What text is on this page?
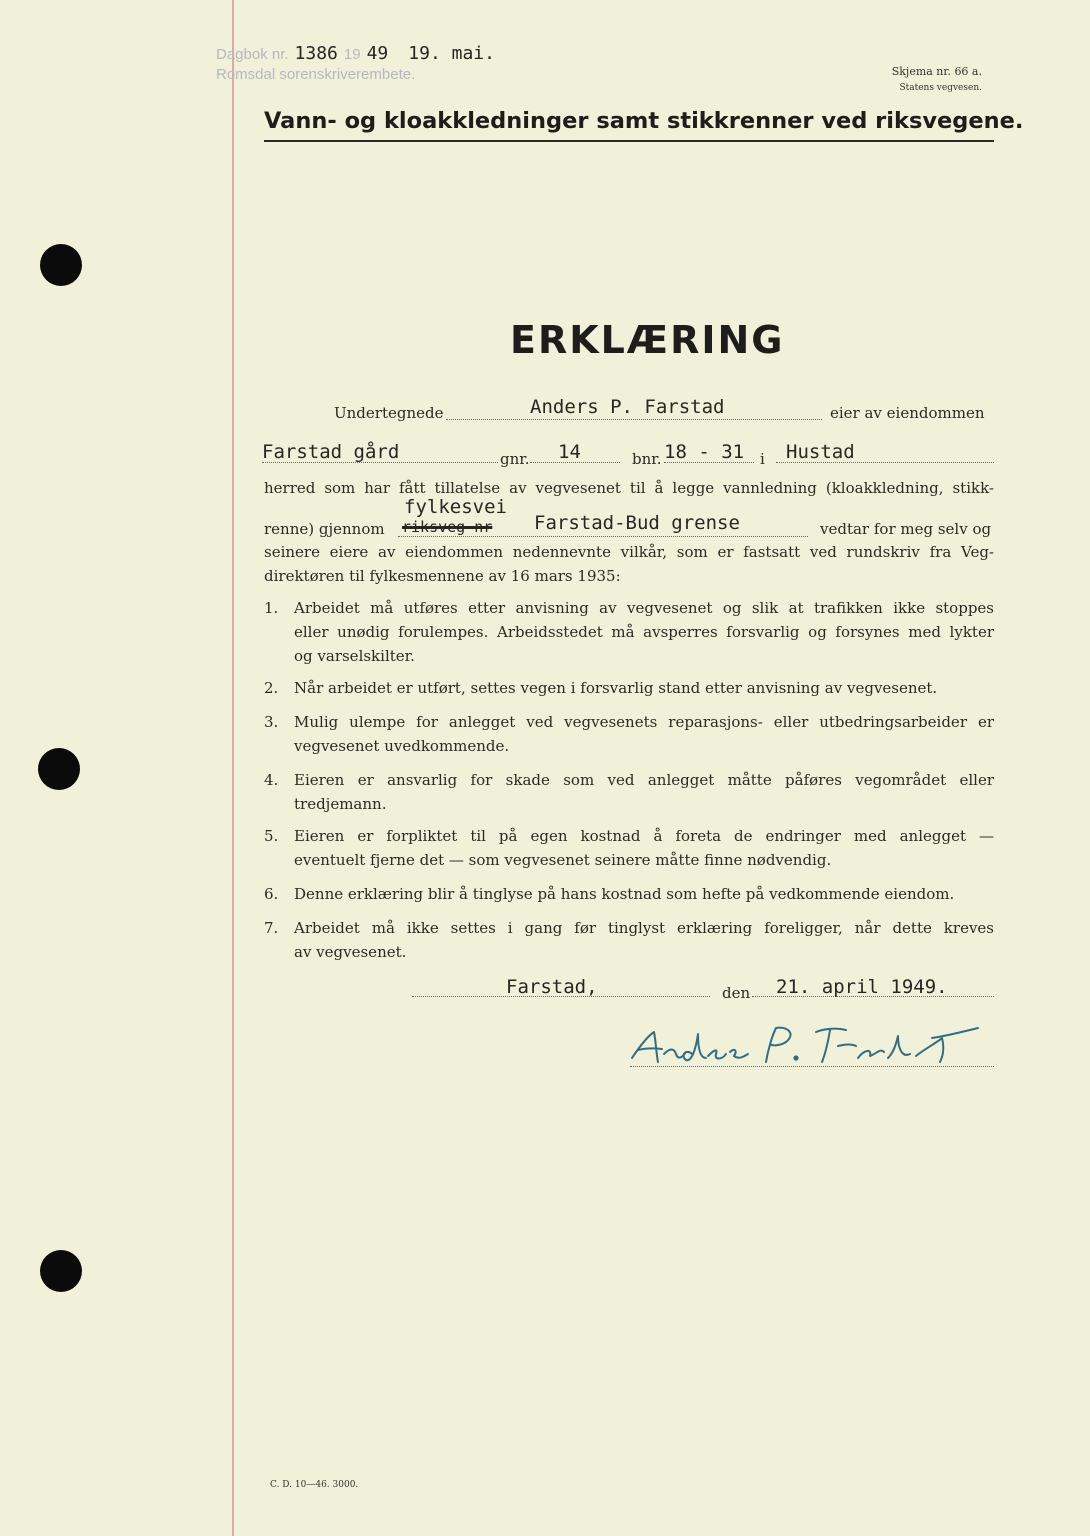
Dagbok nr. 1386 19 49 19. mai.
Romsdal sorenskriverembete.	Skjema nr. 66 a.
Statens vegvesen.
Vann- og kloakkledninger samt stikkrenner ved riksvegene.
ERKLÆRING
Undertegnede	Anders P. Farstad	eier av eiendommen
Farstad gård	gnr. 14	bnr. 18 - 31 i Hustad
herred som har fått tillatelse av vegvesenet til å legge vannledning (kloakkledning, stikk-
renne) gjennom riksveg nr
fylkesvei
Farstad-Bud grense	vedtar for meg selv og
seinere eiere av eiendommen nedennevnte vilkår, som er fastsatt ved rundskriv fra Veg-
direktøren til fylkesmennene av 16 mars 1935:
1.	Arbeidet må utføres etter anvisning av vegvesenet og slik at trafikken ikke stoppes
eller unødig forulempes. Arbeidsstedet må avsperres forsvarlig og forsynes med lykter
og varselskilter.
2.	Når arbeidet er utført, settes vegen i forsvarlig stand etter anvisning av vegvesenet.
3.	Mulig ulempe for anlegget ved vegvesenets reparasjons- eller utbedringsarbeider er
vegvesenet uvedkommende.
4.	Eieren er ansvarlig for skade som ved anlegget måtte påføres vegområdet eller
tredjemann.
5.	Eieren er forpliktet til på egen kostnad å foreta de endringer med anlegget —
eventuelt fjerne det — som vegvesenet seinere måtte finne nødvendig.
6.	Denne erklæring blir å tinglyse på hans kostnad som hefte på vedkommende eiendom.
7.	Arbeidet må ikke settes i gang før tinglyst erklæring foreligger, når dette kreves
av vegvesenet.
Farstad,	den 21. april 1949.
C. D. 10—46. 3000.
